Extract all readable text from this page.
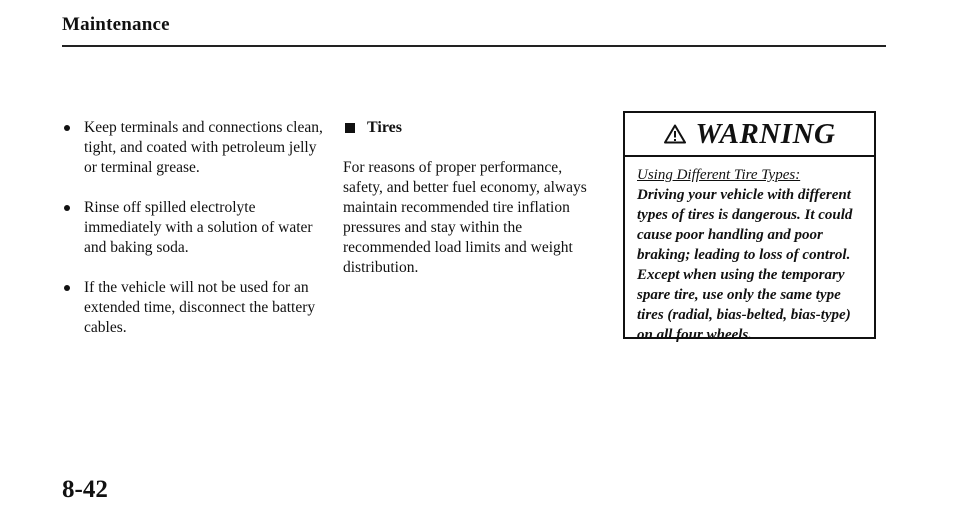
Maintenance
Keep terminals and connections clean, tight, and coated with petroleum jelly or terminal grease.
Rinse off spilled electrolyte immediately with a solution of water and baking soda.
If the vehicle will not be used for an extended time, disconnect the battery cables.
Tires
For reasons of proper performance, safety, and better fuel economy, always maintain recommended tire inflation pressures and stay within the recommended load limits and weight distribution.
WARNING
Using Different Tire Types:
Driving your vehicle with different types of tires is dangerous. It could cause poor handling and poor braking; leading to loss of control. Except when using the temporary spare tire, use only the same type tires (radial, bias-belted, bias-type) on all four wheels.
8-42
